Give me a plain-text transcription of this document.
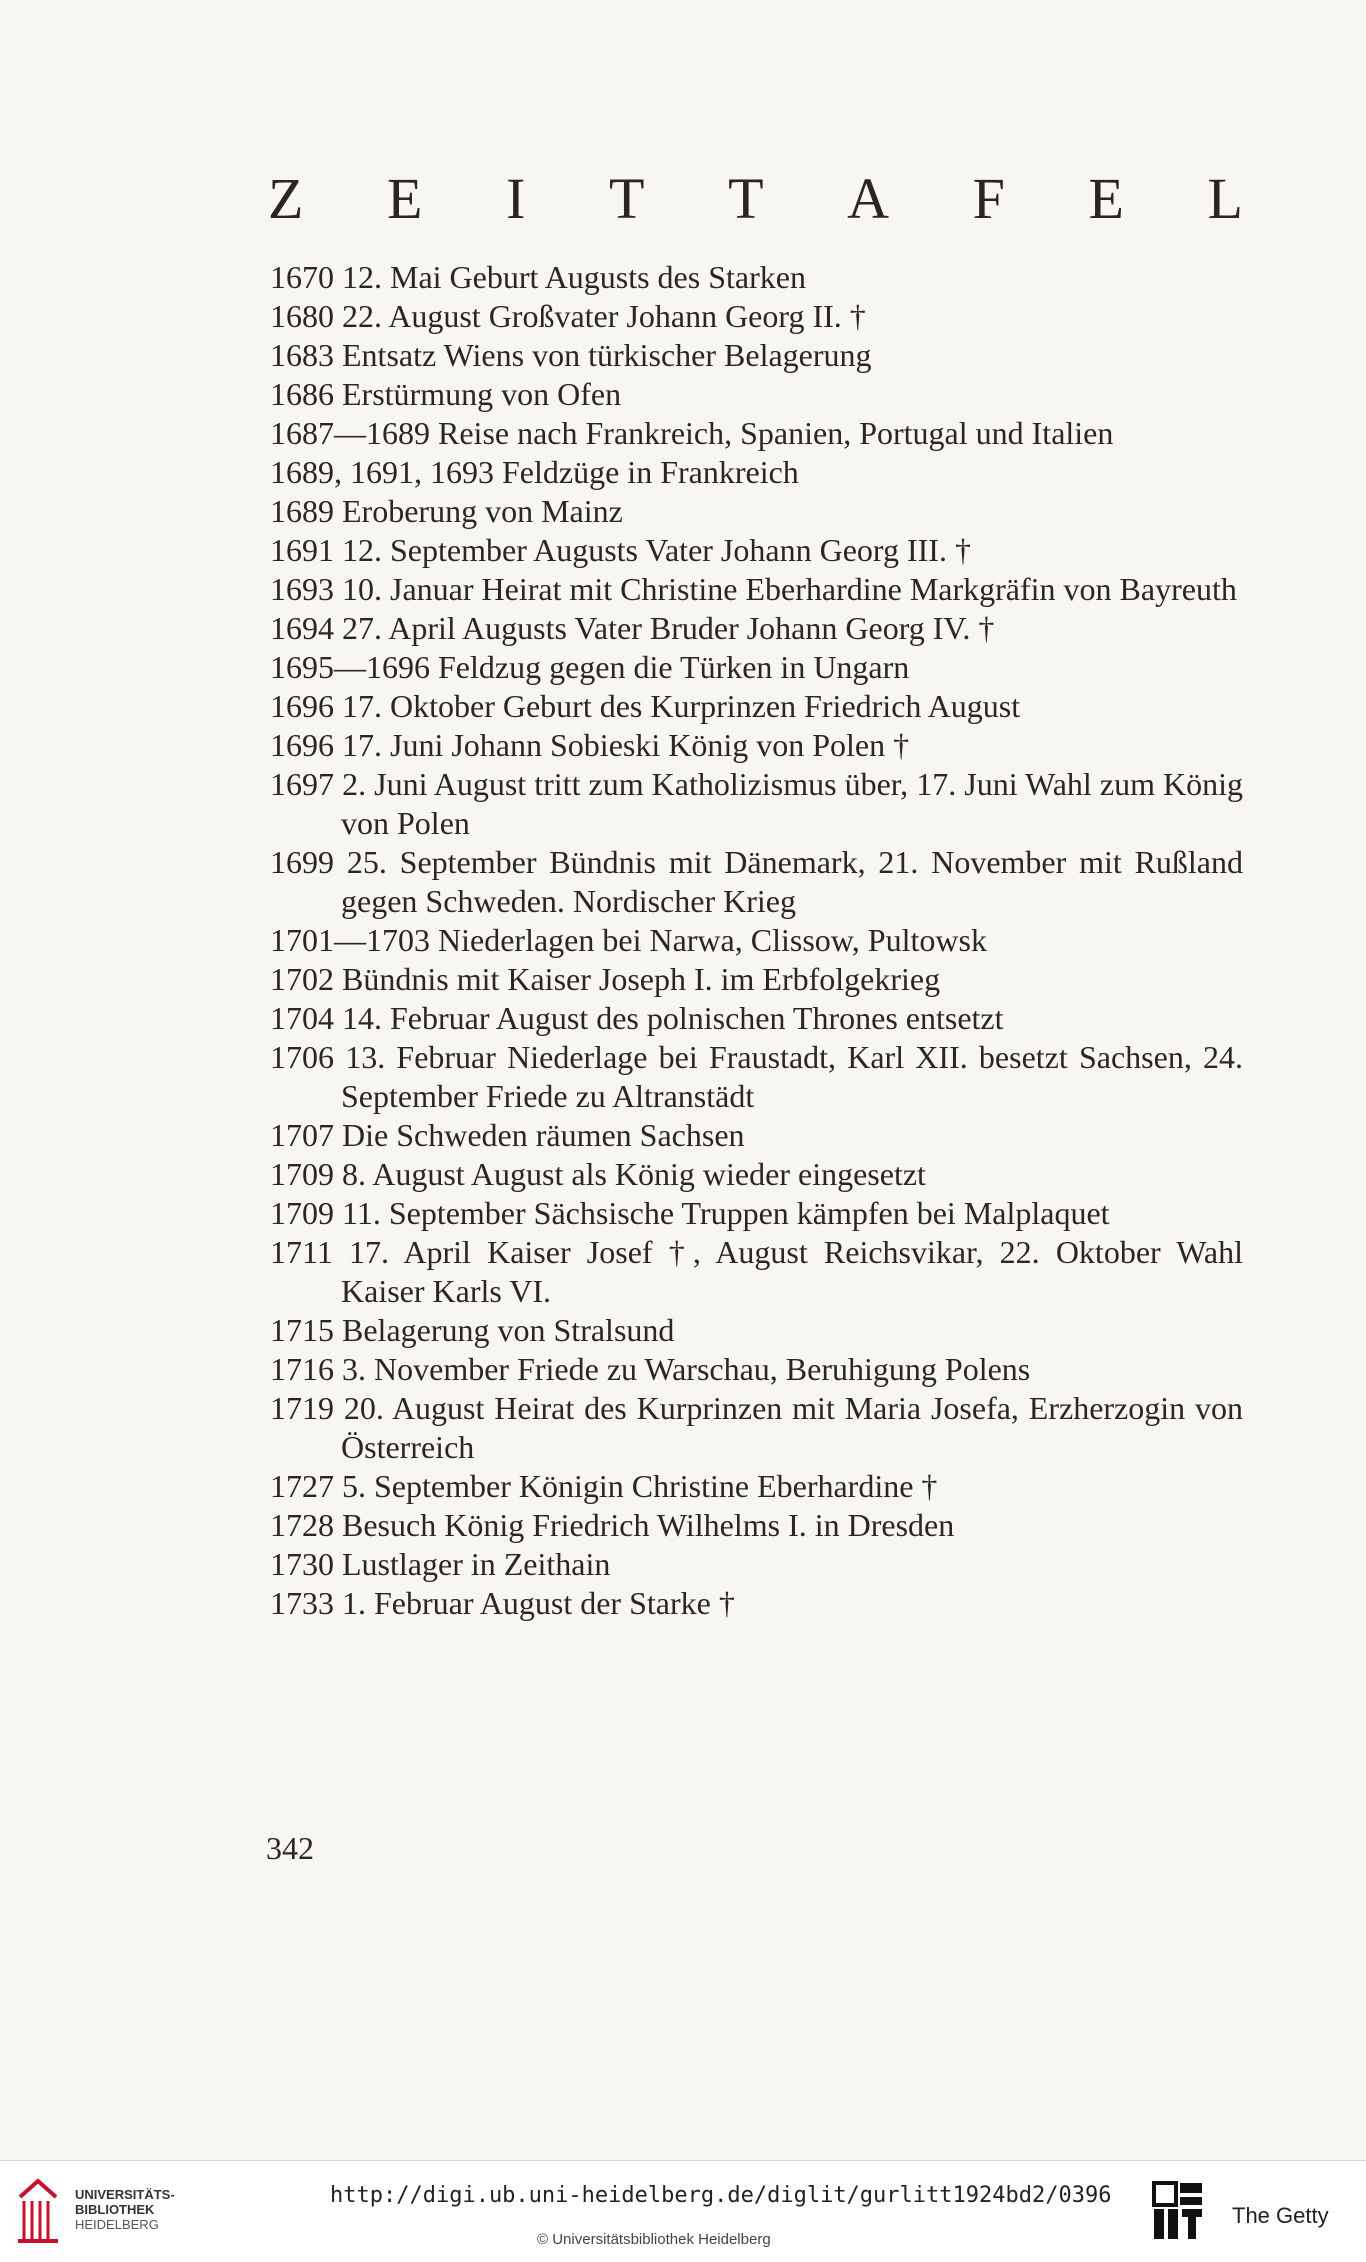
Z E I T T A F E L
1670 12. Mai Geburt Augusts des Starken
1680 22. August Großvater Johann Georg II. †
1683 Entsatz Wiens von türkischer Belagerung
1686 Erstürmung von Ofen
1687—1689 Reise nach Frankreich, Spanien, Portugal und Italien
1689, 1691, 1693 Feldzüge in Frankreich
1689 Eroberung von Mainz
1691 12. September Augusts Vater Johann Georg III. †
1693 10. Januar Heirat mit Christine Eberhardine Markgräfin von Bayreuth
1694 27. April Augusts Vater Bruder Johann Georg IV. †
1695—1696 Feldzug gegen die Türken in Ungarn
1696 17. Oktober Geburt des Kurprinzen Friedrich August
1696 17. Juni Johann Sobieski König von Polen †
1697 2. Juni August tritt zum Katholizismus über, 17. Juni Wahl zum König von Polen
1699 25. September Bündnis mit Dänemark, 21. November mit Rußland gegen Schweden. Nordischer Krieg
1701—1703 Niederlagen bei Narwa, Clissow, Pultowsk
1702 Bündnis mit Kaiser Joseph I. im Erbfolgekrieg
1704 14. Februar August des polnischen Thrones entsetzt
1706 13. Februar Niederlage bei Fraustadt, Karl XII. besetzt Sachsen, 24. September Friede zu Altranstädt
1707 Die Schweden räumen Sachsen
1709 8. August August als König wieder eingesetzt
1709 11. September Sächsische Truppen kämpfen bei Malplaquet
1711 17. April Kaiser Josef †, August Reichsvikar, 22. Oktober Wahl Kaiser Karls VI.
1715 Belagerung von Stralsund
1716 3. November Friede zu Warschau, Beruhigung Polens
1719 20. August Heirat des Kurprinzen mit Maria Josefa, Erzherzogin von Österreich
1727 5. September Königin Christine Eberhardine †
1728 Besuch König Friedrich Wilhelms I. in Dresden
1730 Lustlager in Zeithain
1733 1. Februar August der Starke †
342
UNIVERSITÄTS-
BIBLIOTHEK
HEIDELBERG
http://digi.ub.uni-heidelberg.de/diglit/gurlitt1924bd2/0396
© Universitätsbibliothek Heidelberg
The Getty
